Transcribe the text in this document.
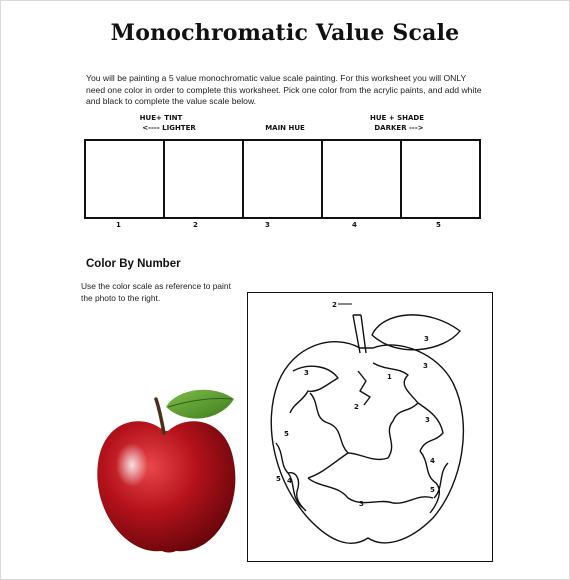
Monochromatic Value Scale
You will be painting a 5 value monochromatic value scale painting. For this worksheet you will ONLY need one color in order to complete this worksheet. Pick one color from the acrylic paints, and add white and black to complete the value scale below.
HUE+ TINT
<---- LIGHTER	MAIN HUE
HUE + SHADE
DARKER --->
1	2	3	4	5
Color By Number
Use the color scale as reference to paint the photo to the right.
2
3
1
3
3
5
2
3
5 4
3
4
5
